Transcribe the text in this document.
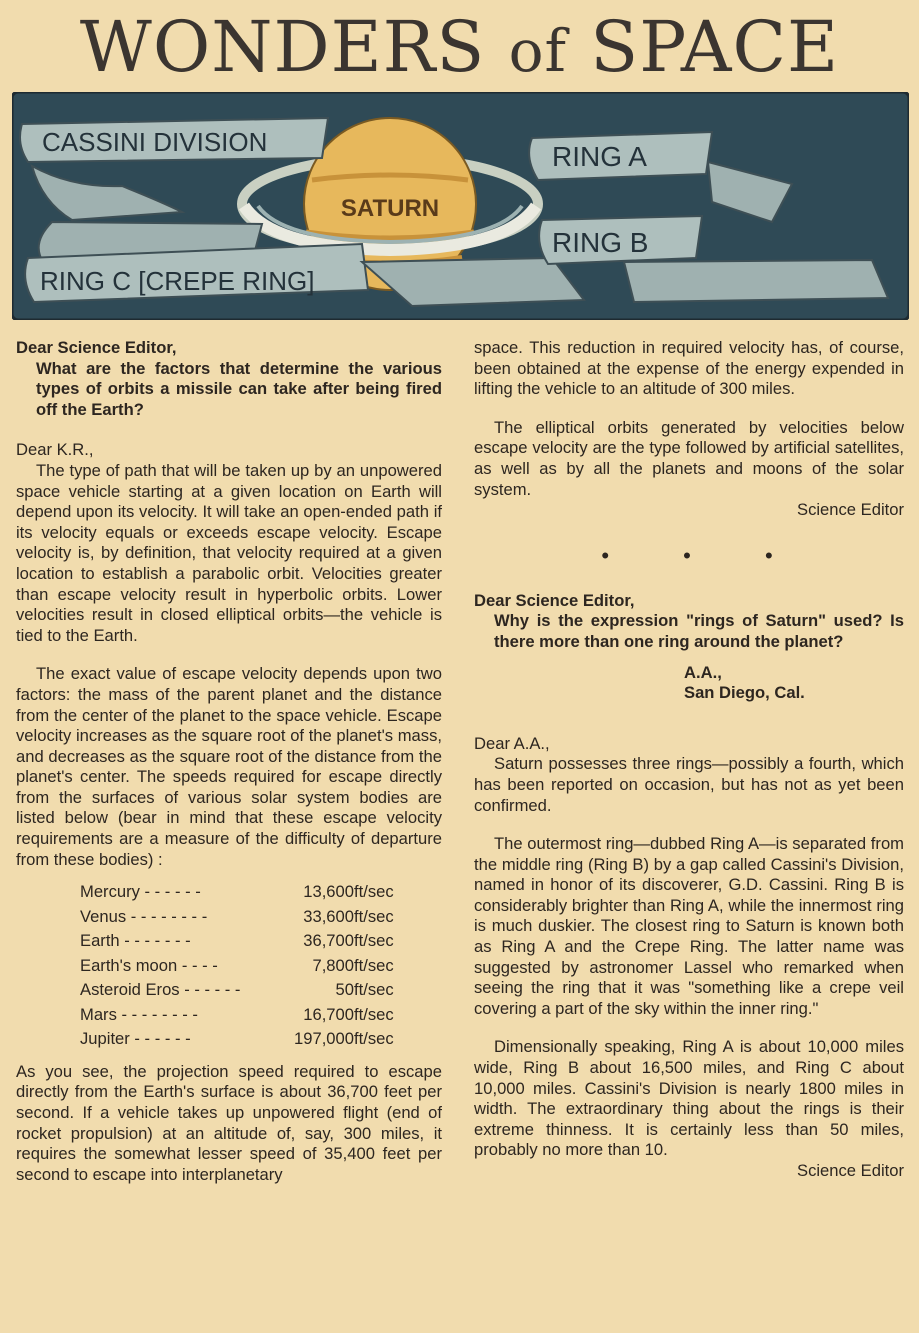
WONDERS of SPACE
CASSINI DIVISION	RING A
RING B
RING C [CREPE RING]
SATURN

Dear Science Editor,

What are the factors that determine the various types of orbits a missile can take after being fired off the Earth?

Dear K.R.,

The type of path that will be taken up by an unpowered space vehicle starting at a given location on Earth will depend upon its velocity. It will take an open-ended path if its velocity equals or exceeds escape velocity. Escape velocity is, by definition, that velocity required at a given location to establish a parabolic orbit. Velocities greater than escape velocity result in hyperbolic orbits. Lower velocities result in closed elliptical orbits—the vehicle is tied to the Earth.

The exact value of escape velocity depends upon two factors: the mass of the parent planet and the distance from the center of the planet to the space vehicle. Escape velocity increases as the square root of the planet's mass, and decreases as the square root of the distance from the planet's center. The speeds required for escape directly from the surfaces of various solar system bodies are listed below (bear in mind that these escape velocity requirements are a measure of the difficulty of departure from these bodies) :

Mercury - - - - - -	13,600	ft/sec
Venus - - - - - - - -	33,600	ft/sec
Earth - - - - - - -	36,700	ft/sec
Earth's moon - - - -	7,800	ft/sec
Asteroid Eros - - - - - -	50	ft/sec
Mars - - - - - - - -	16,700	ft/sec
Jupiter - - - - - -	197,000	ft/sec

As you see, the projection speed required to escape directly from the Earth's surface is about 36,700 feet per second. If a vehicle takes up unpowered flight (end of rocket propulsion) at an altitude of, say, 300 miles, it requires the somewhat lesser speed of 35,400 feet per second to escape into interplanetary

space. This reduction in required velocity has, of course, been obtained at the expense of the energy expended in lifting the vehicle to an altitude of 300 miles.

The elliptical orbits generated by velocities below escape velocity are the type followed by artificial satellites, as well as by all the planets and moons of the solar system.

Science Editor

• • •

Dear Science Editor,

Why is the expression "rings of Saturn" used? Is there more than one ring around the planet?

A.A.,

San Diego, Cal.

Dear A.A.,

Saturn possesses three rings—possibly a fourth, which has been reported on occasion, but has not as yet been confirmed.

The outermost ring—dubbed Ring A—is separated from the middle ring (Ring B) by a gap called Cassini's Division, named in honor of its discoverer, G.D. Cassini. Ring B is considerably brighter than Ring A, while the innermost ring is much duskier. The closest ring to Saturn is known both as Ring A and the Crepe Ring. The latter name was suggested by astronomer Lassel who remarked when seeing the ring that it was "something like a crepe veil covering a part of the sky within the inner ring."

Dimensionally speaking, Ring A is about 10,000 miles wide, Ring B about 16,500 miles, and Ring C about 10,000 miles. Cassini's Division is nearly 1800 miles in width. The extraordinary thing about the rings is their extreme thinness. It is certainly less than 50 miles, probably no more than 10.

Science Editor
